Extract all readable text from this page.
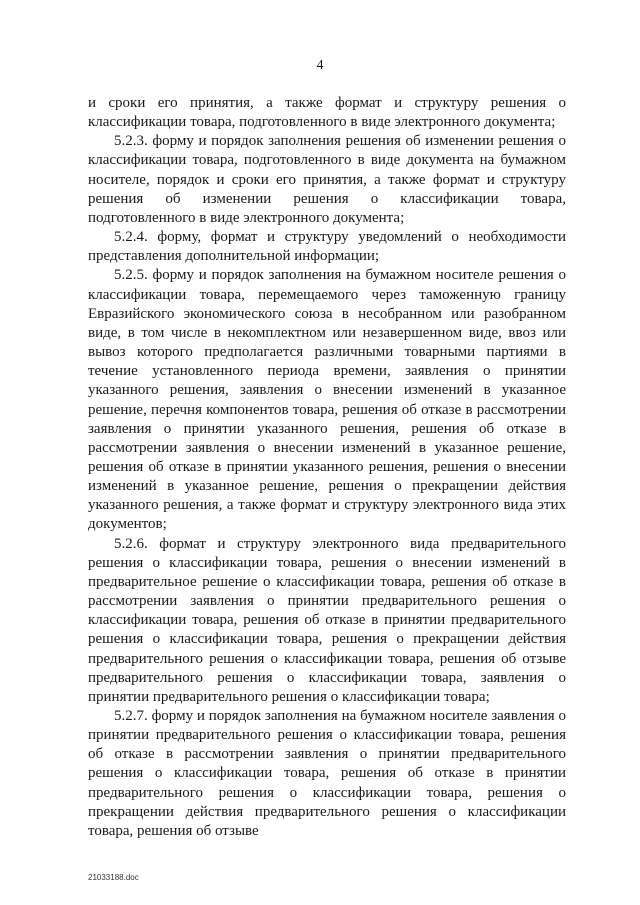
4

и сроки его принятия, а также формат и структуру решения о классификации товара, подготовленного в виде электронного документа;

5.2.3. форму и порядок заполнения решения об изменении решения о классификации товара, подготовленного в виде документа на бумажном носителе, порядок и сроки его принятия, а также формат и структуру решения об изменении решения о классификации товара, подготовленного в виде электронного документа;

5.2.4. форму, формат и структуру уведомлений о необходимости представления дополнительной информации;

5.2.5. форму и порядок заполнения на бумажном носителе решения о классификации товара, перемещаемого через таможенную границу Евразийского экономического союза в несобранном или разобранном виде, в том числе в некомплектном или незавершенном виде, ввоз или вывоз которого предполагается различными товарными партиями в течение установленного периода времени, заявления о принятии указанного решения, заявления о внесении изменений в указанное решение, перечня компонентов товара, решения об отказе в рассмотрении заявления о принятии указанного решения, решения об отказе в рассмотрении заявления о внесении изменений в указанное решение, решения об отказе в принятии указанного решения, решения о внесении изменений в указанное решение, решения о прекращении действия указанного решения, а также формат и структуру электронного вида этих документов;

5.2.6. формат и структуру электронного вида предварительного решения о классификации товара, решения о внесении изменений в предварительное решение о классификации товара, решения об отказе в рассмотрении заявления о принятии предварительного решения о классификации товара, решения об отказе в принятии предварительного решения о классификации товара, решения о прекращении действия предварительного решения о классификации товара, решения об отзыве предварительного решения о классификации товара, заявления о принятии предварительного решения о классификации товара;

5.2.7. форму и порядок заполнения на бумажном носителе заявления о принятии предварительного решения о классификации товара, решения об отказе в рассмотрении заявления о принятии предварительного решения о классификации товара, решения об отказе в принятии предварительного решения о классификации товара, решения о прекращении действия предварительного решения о классификации товара, решения об отзыве

21033188.doc
